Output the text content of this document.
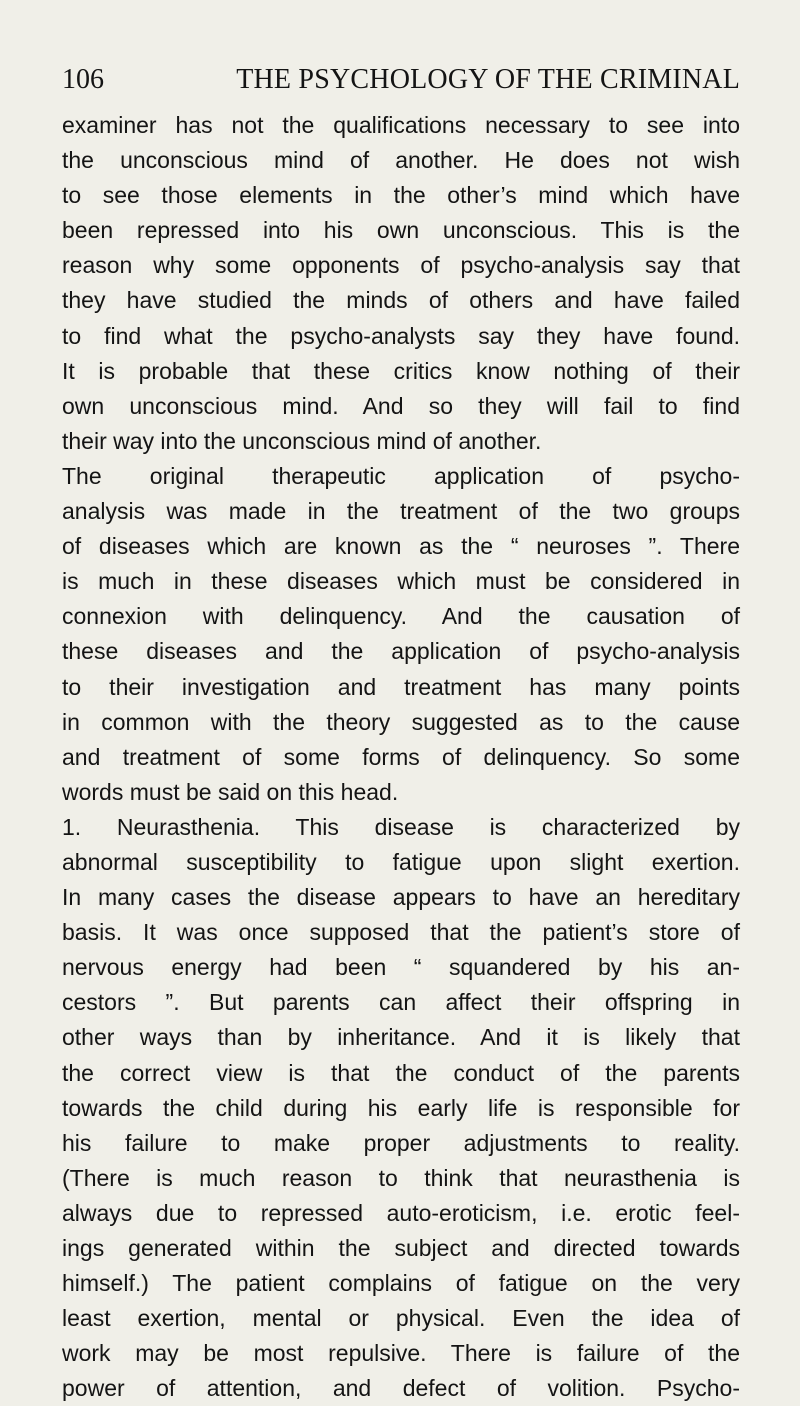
106	THE PSYCHOLOGY OF THE CRIMINAL
examiner has not the qualifications necessary to see into
the unconscious mind of another. He does not wish
to see those elements in the other’s mind which have
been repressed into his own unconscious. This is the
reason why some opponents of psycho-analysis say that
they have studied the minds of others and have failed
to find what the psycho-analysts say they have found.
It is probable that these critics know nothing of their
own unconscious mind. And so they will fail to find
their way into the unconscious mind of another.
The original therapeutic application of psycho-
analysis was made in the treatment of the two groups
of diseases which are known as the “ neuroses ”. There
is much in these diseases which must be considered in
connexion with delinquency. And the causation of
these diseases and the application of psycho-analysis
to their investigation and treatment has many points
in common with the theory suggested as to the cause
and treatment of some forms of delinquency. So some
words must be said on this head.
1. Neurasthenia. This disease is characterized by
abnormal susceptibility to fatigue upon slight exertion.
In many cases the disease appears to have an hereditary
basis. It was once supposed that the patient’s store of
nervous energy had been “ squandered by his an-
cestors ”. But parents can affect their offspring in
other ways than by inheritance. And it is likely that
the correct view is that the conduct of the parents
towards the child during his early life is responsible for
his failure to make proper adjustments to reality.
(There is much reason to think that neurasthenia is
always due to repressed auto-eroticism, i.e. erotic feel-
ings generated within the subject and directed towards
himself.) The patient complains of fatigue on the very
least exertion, mental or physical. Even the idea of
work may be most repulsive. There is failure of the
power of attention, and defect of volition. Psycho-
